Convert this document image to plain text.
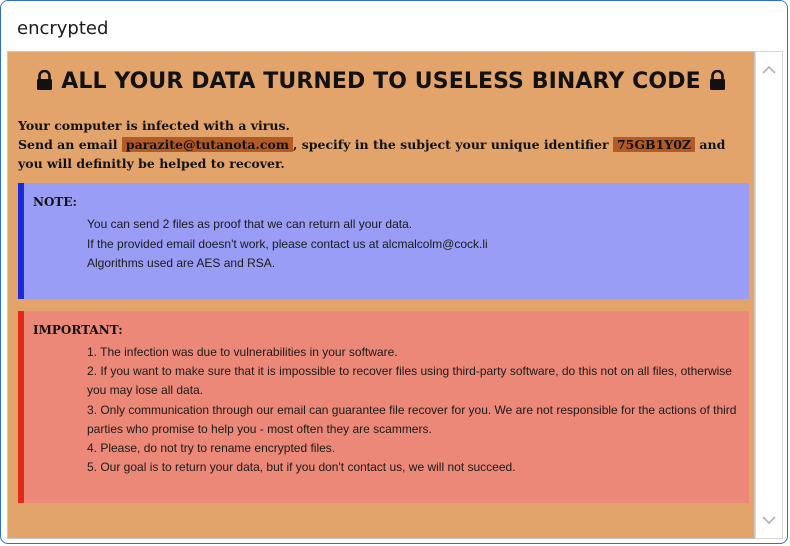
encrypted
ALL YOUR DATA TURNED TO USELESS BINARY CODE
Your computer is infected with a virus.
Send an email parazite@tutanota.com , specify in the subject your unique identifier 75GB1Y0Z and you will definitly be helped to recover.
NOTE:
You can send 2 files as proof that we can return all your data.
If the provided email doesn't work, please contact us at alcmalcolm@cock.li
Algorithms used are AES and RSA.
IMPORTANT:
1. The infection was due to vulnerabilities in your software.
2. If you want to make sure that it is impossible to recover files using third-party software, do this not on all files, otherwise you may lose all data.
3. Only communication through our email can guarantee file recover for you. We are not responsible for the actions of third parties who promise to help you - most often they are scammers.
4. Please, do not try to rename encrypted files.
5. Our goal is to return your data, but if you don't contact us, we will not succeed.
